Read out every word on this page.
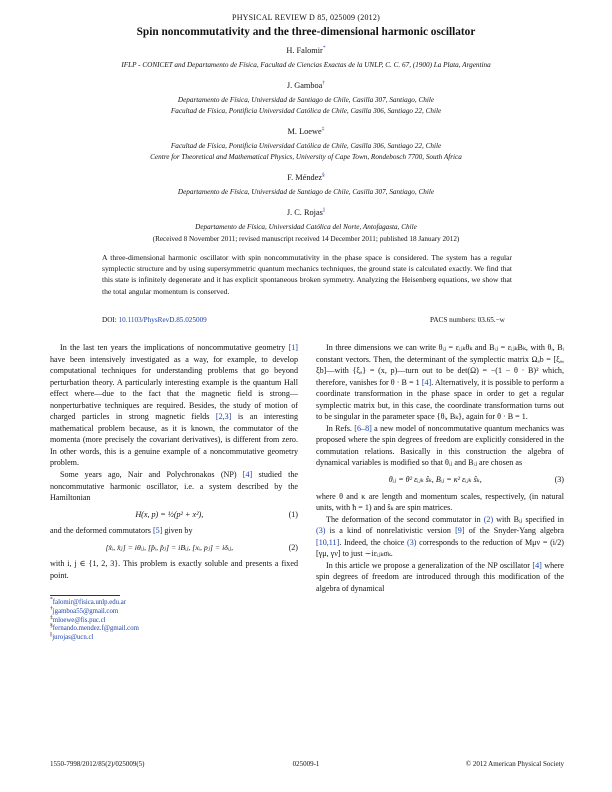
PHYSICAL REVIEW D 85, 025009 (2012)
Spin noncommutativity and the three-dimensional harmonic oscillator
H. Falomir*
IFLP - CONICET and Departamento de Física, Facultad de Ciencias Exactas de la UNLP, C. C. 67, (1900) La Plata, Argentina
J. Gamboa†
Departamento de Física, Universidad de Santiago de Chile, Casilla 307, Santiago, Chile
Facultad de Física, Pontificia Universidad Católica de Chile, Casilla 306, Santiago 22, Chile
M. Loewe‡
Facultad de Física, Pontificia Universidad Católica de Chile, Casilla 306, Santiago 22, Chile
Centre for Theoretical and Mathematical Physics, University of Cape Town, Rondebosch 7700, South Africa
F. Méndez§
Departamento de Física, Universidad de Santiago de Chile, Casilla 307, Santiago, Chile
J. C. Rojas||
Departamento de Física, Universidad Católica del Norte, Antofagasta, Chile
(Received 8 November 2011; revised manuscript received 14 December 2011; published 18 January 2012)
A three-dimensional harmonic oscillator with spin noncommutativity in the phase space is considered. The system has a regular symplectic structure and by using supersymmetric quantum mechanics techniques, the ground state is calculated exactly. We find that this state is infinitely degenerate and it has explicit spontaneous broken symmetry. Analyzing the Heisenberg equations, we show that the total angular momentum is conserved.
DOI: 10.1103/PhysRevD.85.025009	PACS numbers: 03.65.−w

In the last ten years the implications of noncommutative geometry [1] have been intensively investigated as a way, for example, to develop computational techniques for understanding problems that go beyond perturbation theory. A particularly interesting example is the quantum Hall effect where—due to the fact that the magnetic field is strong—nonperturbative techniques are required. Besides, the study of motion of charged particles in strong magnetic fields [2,3] is an interesting mathematical problem because, as it is known, the commutator of the momenta (more precisely the covariant derivatives), is different from zero. In other words, this is a genuine example of a noncommutative geometry problem.

Some years ago, Nair and Polychronakos (NP) [4] studied the noncommutative harmonic oscillator, i.e. a system described by the Hamiltonian

H(x, p) = ½(p² + x²),	(1)

and the deformed commutators [5] given by

[x̂ᵢ, x̂ⱼ] = iθᵢⱼ, [p̂ᵢ, p̂ⱼ] = iBᵢⱼ, [xᵢ, pⱼ] = iδᵢⱼ,	(2)

with i, j ∈ {1, 2, 3}. This problem is exactly soluble and presents a fixed point.

*falomir@fisica.unlp.edu.ar
†jgamboa55@gmail.com
‡mloewe@fis.puc.cl
§fernando.mendez.f@gmail.com
||jurojas@ucn.cl

In three dimensions we can write θᵢⱼ = εᵢⱼₖθₖ and Bᵢⱼ = εᵢⱼₖBₖ, with θᵢ, Bᵢ constant vectors. Then, the determinant of the symplectic matrix Ωₐb = [ξₐ, ξb]—with {ξₐ} = (x, p)—turn out to be det(Ω) = −(1 − θ · B)² which, therefore, vanishes for θ · B = 1 [4]. Alternatively, it is possible to perform a coordinate transformation in the phase space in order to get a regular symplectic matrix but, in this case, the coordinate transformation turns out to be singular in the parameter space {θᵢ, Bₖ}, again for θ · B = 1.

In Refs. [6–8] a new model of noncommutative quantum mechanics was proposed where the spin degrees of freedom are explicitly considered in the commutation relations. Basically in this construction the algebra of dynamical variables is modified so that θᵢⱼ and Bᵢⱼ are chosen as

θᵢⱼ = θ² εᵢⱼₖ ŝₖ, Bᵢⱼ = κ² εᵢⱼₖ ŝₖ,	(3)

where θ and κ are length and momentum scales, respectively, (in natural units, with ħ = 1) and ŝₖ are spin matrices.

The deformation of the second commutator in (2) with Bᵢⱼ specified in (3) is a kind of nonrelativistic version [9] of the Snyder-Yang algebra [10,11]. Indeed, the choice (3) corresponds to the reduction of Mμν = (i/2)[γμ, γν] to just ∼iεᵢⱼₖσₖ.

In this article we propose a generalization of the NP oscillator [4] where spin degrees of freedom are introduced through this modification of the algebra of dynamical

1550-7998/2012/85(2)/025009(5)	025009-1	© 2012 American Physical Society
